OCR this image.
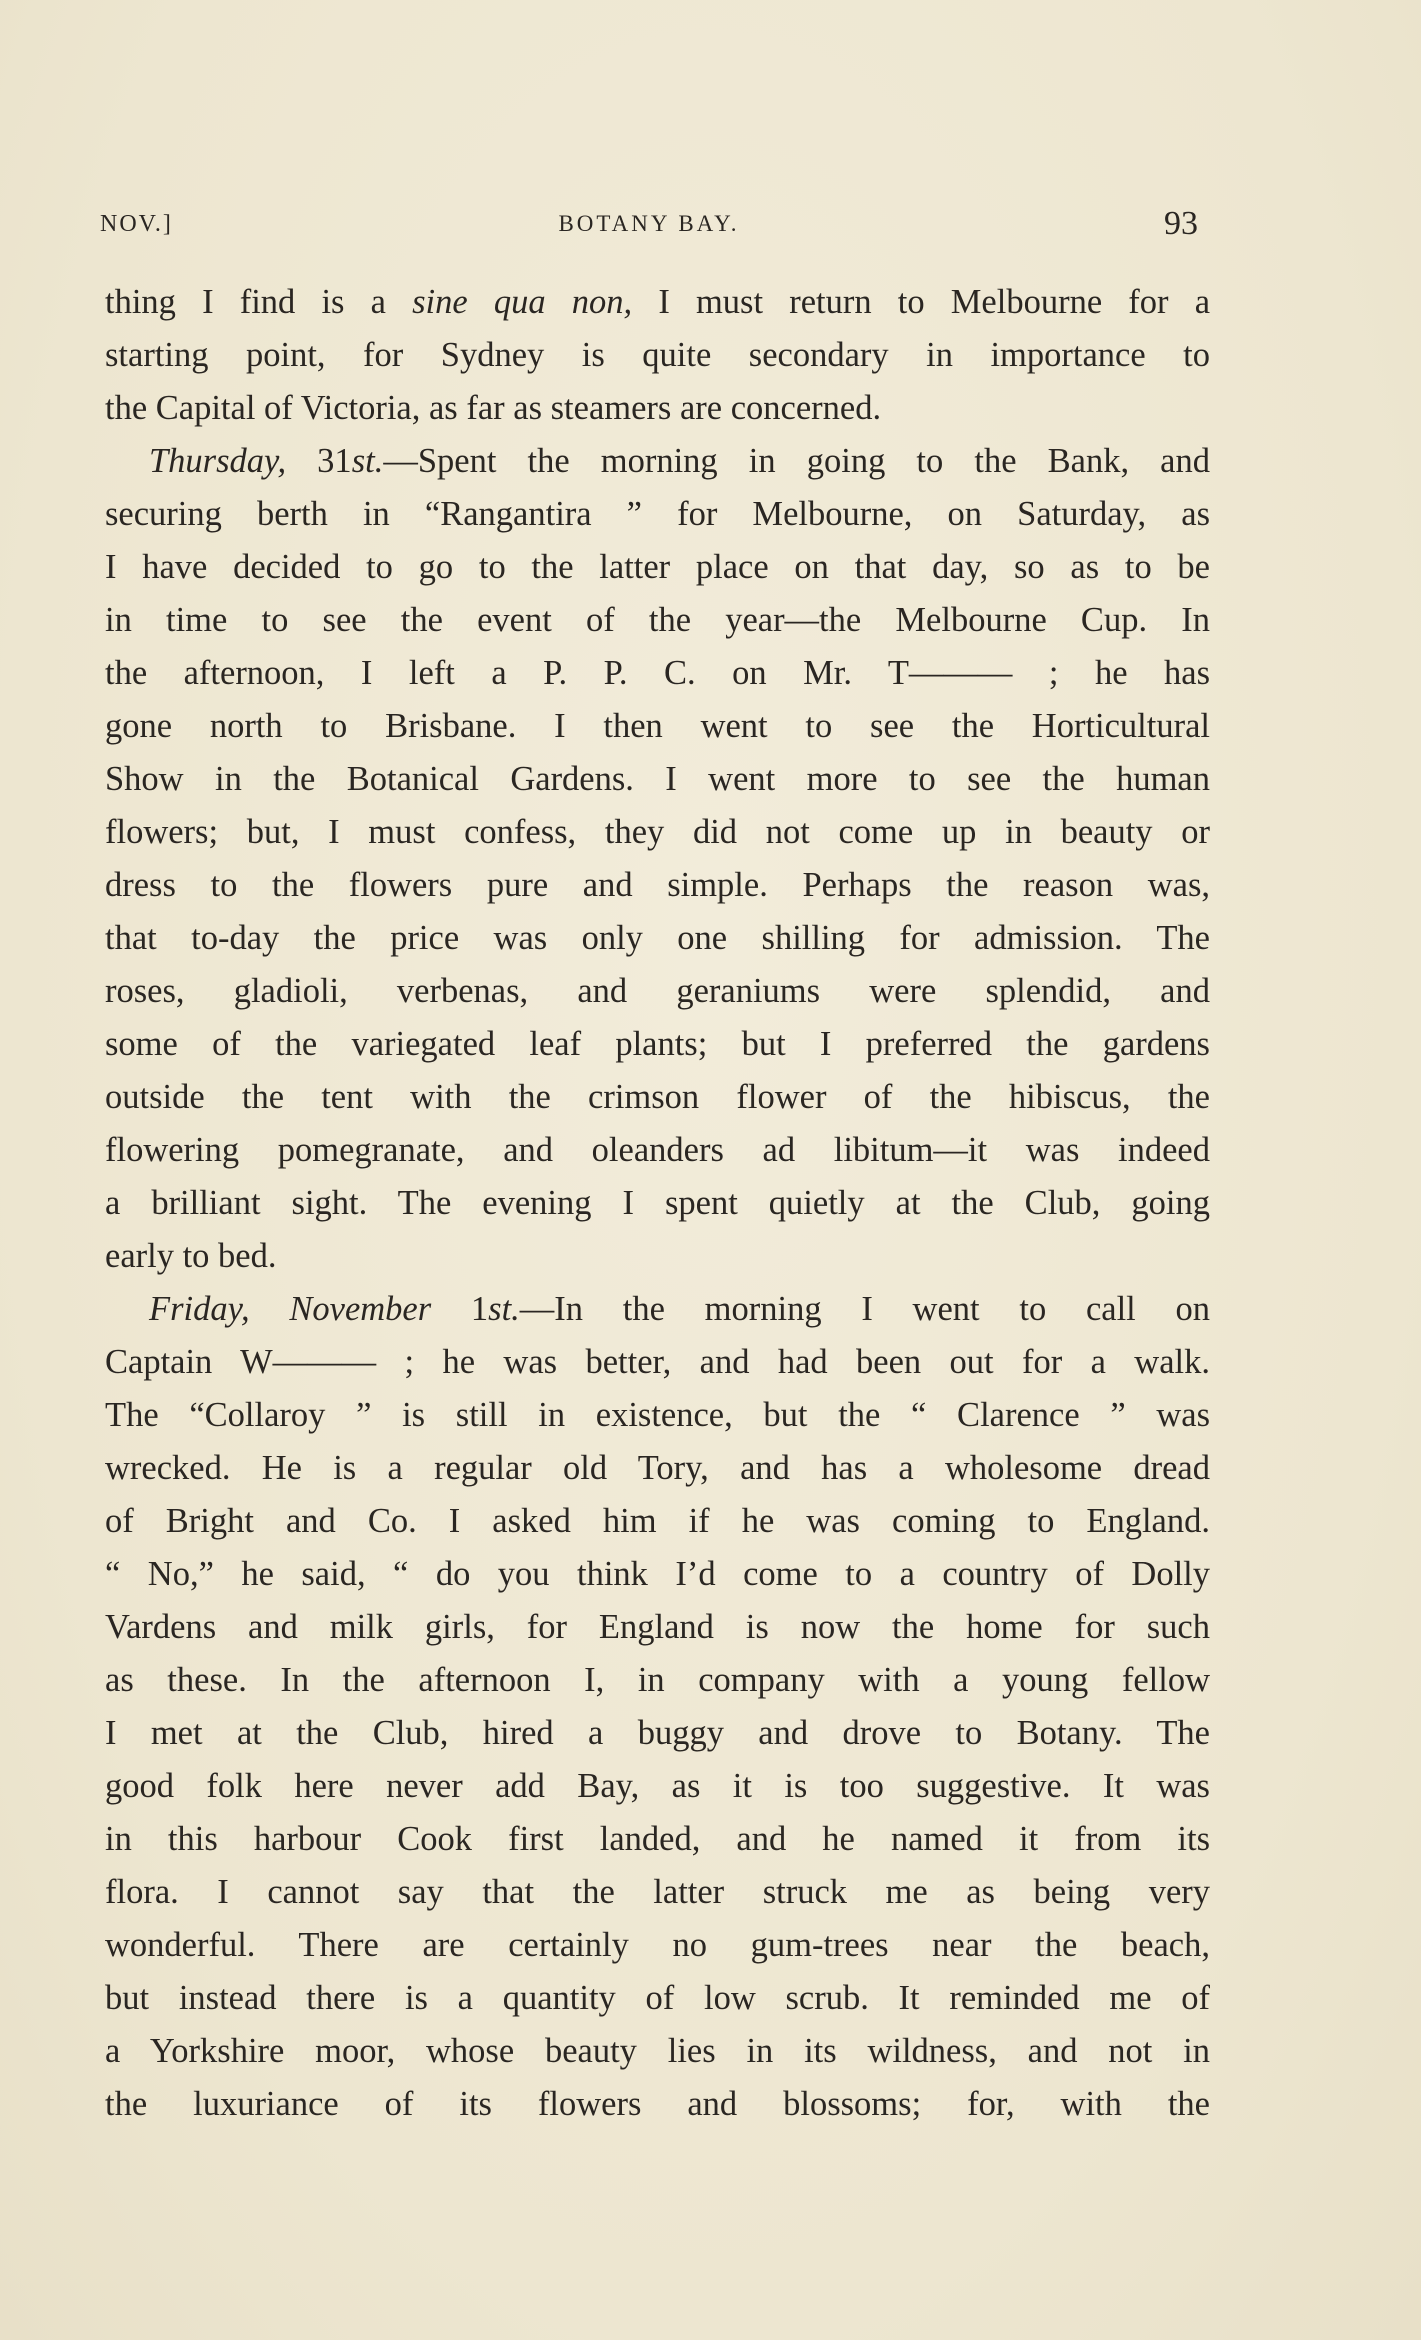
NOV.]	BOTANY BAY.	93
thing I find is a sine qua non, I must return to Melbourne for a
starting point, for Sydney is quite secondary in importance to
the Capital of Victoria, as far as steamers are concerned.
Thursday, 31st.—Spent the morning in going to the Bank, and
securing berth in “Rangantira ” for Melbourne, on Saturday, as
I have decided to go to the latter place on that day, so as to be
in time to see the event of the year—the Melbourne Cup. In
the afternoon, I left a P. P. C. on Mr. T——— ; he has
gone north to Brisbane. I then went to see the Horticultural
Show in the Botanical Gardens. I went more to see the human
flowers; but, I must confess, they did not come up in beauty or
dress to the flowers pure and simple. Perhaps the reason was,
that to-day the price was only one shilling for admission. The
roses, gladioli, verbenas, and geraniums were splendid, and
some of the variegated leaf plants; but I preferred the gardens
outside the tent with the crimson flower of the hibiscus, the
flowering pomegranate, and oleanders ad libitum—it was indeed
a brilliant sight. The evening I spent quietly at the Club, going
early to bed.
Friday, November 1st.—In the morning I went to call on
Captain W——— ; he was better, and had been out for a walk.
The “Collaroy ” is still in existence, but the “ Clarence ” was
wrecked. He is a regular old Tory, and has a wholesome dread
of Bright and Co. I asked him if he was coming to England.
“ No,” he said, “ do you think I’d come to a country of Dolly
Vardens and milk girls, for England is now the home for such
as these. In the afternoon I, in company with a young fellow
I met at the Club, hired a buggy and drove to Botany. The
good folk here never add Bay, as it is too suggestive. It was
in this harbour Cook first landed, and he named it from its
flora. I cannot say that the latter struck me as being very
wonderful. There are certainly no gum-trees near the beach,
but instead there is a quantity of low scrub. It reminded me of
a Yorkshire moor, whose beauty lies in its wildness, and not in
the luxuriance of its flowers and blossoms; for, with the
